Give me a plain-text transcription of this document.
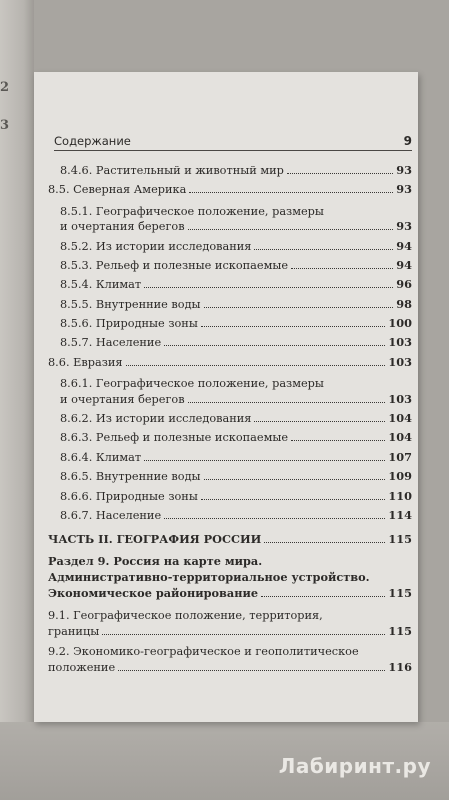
2
3
Содержание	9
8.4.6. Растительный и животный мир	93
8.5. Северная Америка	93
8.5.1. Географическое положение, размеры
и очертания берегов	93
8.5.2. Из истории исследования	94
8.5.3. Рельеф и полезные ископаемые	94
8.5.4. Климат	96
8.5.5. Внутренние воды	98
8.5.6. Природные зоны	100
8.5.7. Население	103
8.6. Евразия	103
8.6.1. Географическое положение, размеры
и очертания берегов	103
8.6.2. Из истории исследования	104
8.6.3. Рельеф и полезные ископаемые	104
8.6.4. Климат	107
8.6.5. Внутренние воды	109
8.6.6. Природные зоны	110
8.6.7. Население	114
ЧАСТЬ II. ГЕОГРАФИЯ РОССИИ	115
Раздел 9. Россия на карте мира.
Административно-территориальное устройство.
Экономическое районирование	115
9.1. Географическое положение, территория,
границы	115
9.2. Экономико-географическое и геополитическое
положение	116
Лабиринт.ру
